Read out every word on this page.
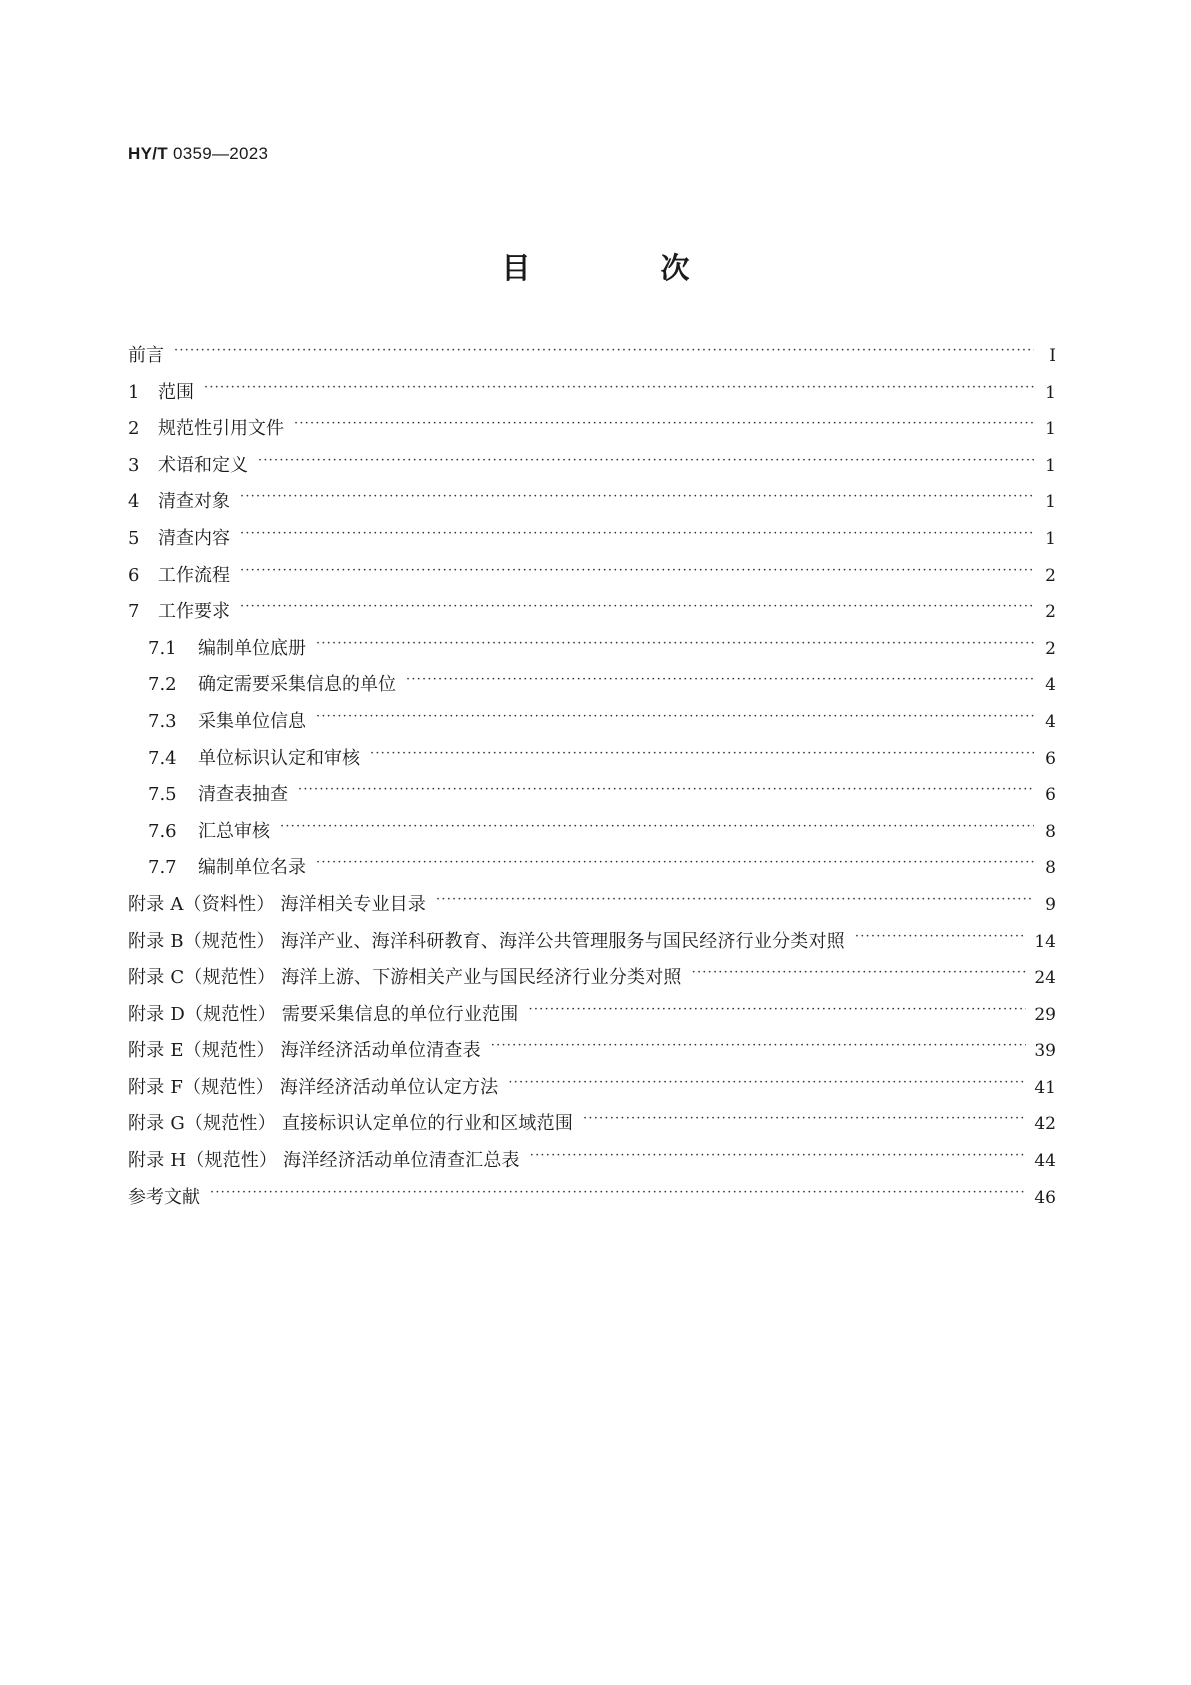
HY/T 0359—2023
目 次
前言 ·····	Ⅰ
1	范围 ·····	1
2	规范性引用文件 ·····	1
3	术语和定义 ·····	1
4	清查对象 ·····	1
5	清查内容 ·····	1
6	工作流程 ·····	2
7	工作要求 ·····	2
7.1	编制单位底册 ·····	2
7.2	确定需要采集信息的单位 ·····	4
7.3	采集单位信息 ·····	4
7.4	单位标识认定和审核 ·····	6
7.5	清查表抽查 ·····	6
7.6	汇总审核 ·····	8
7.7	编制单位名录 ·····	8
附录 A（资料性） 海洋相关专业目录 ·····	9
附录 B（规范性） 海洋产业、海洋科研教育、海洋公共管理服务与国民经济行业分类对照 ·····	14
附录 C（规范性） 海洋上游、下游相关产业与国民经济行业分类对照 ·····	24
附录 D（规范性） 需要采集信息的单位行业范围 ·····	29
附录 E（规范性） 海洋经济活动单位清查表 ·····	39
附录 F（规范性） 海洋经济活动单位认定方法 ·····	41
附录 G（规范性） 直接标识认定单位的行业和区域范围 ·····	42
附录 H（规范性） 海洋经济活动单位清查汇总表 ·····	44
参考文献 ·····	46
